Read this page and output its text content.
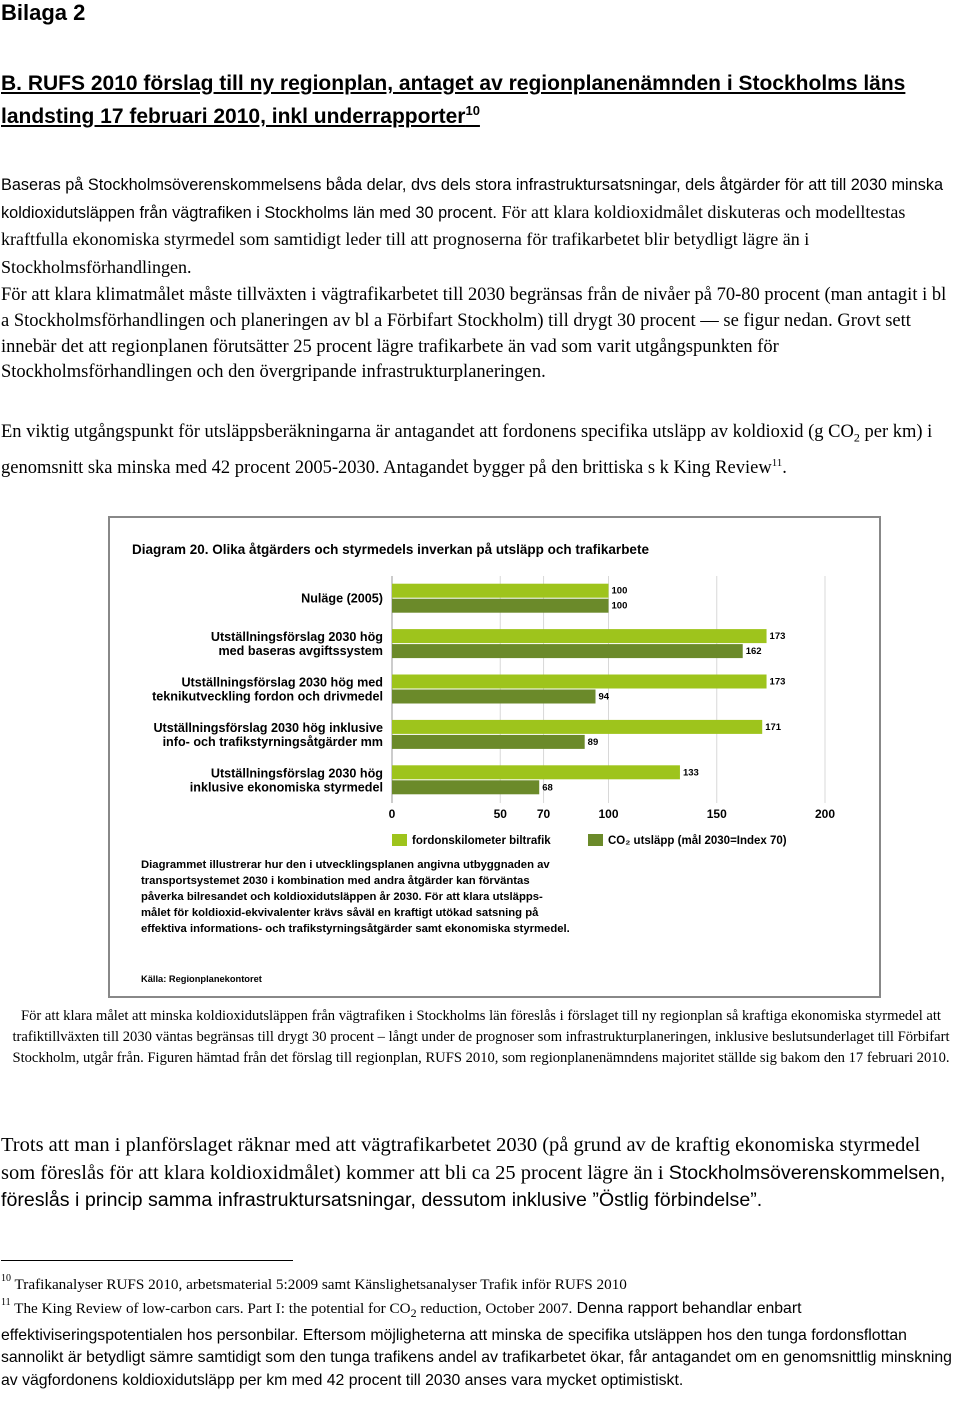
Bilaga 2
B. RUFS 2010 förslag till ny regionplan, antaget av regionplanenämnden i Stockholms läns landsting 17 februari 2010, inkl underrapporter$^{10}$
Baseras på Stockholmsöverenskommelsens båda delar, dvs dels stora infrastruktursatsningar, dels åtgärder för att till 2030 minska koldioxidutsläppen från vägtrafiken i Stockholms län med 30 procent. För att klara koldioxidmålet diskuteras och modelltestas kraftfulla ekonomiska styrmedel som samtidigt leder till att prognoserna för trafikarbetet blir betydligt lägre än i Stockholmsförhandlingen.
För att klara klimatmålet måste tillväxten i vägtrafikarbetet till 2030 begränsas från de nivåer på 70-80 procent (man antagit i bl a Stockholmsförhandlingen och planeringen av bl a Förbifart Stockholm) till drygt 30 procent — se figur nedan. Grovt sett innebär det att regionplanen förutsätter 25 procent lägre trafikarbete än vad som varit utgångspunkten för Stockholmsförhandlingen och den övergripande infrastrukturplaneringen.
En viktig utgångspunkt för utsläppsberäkningarna är antagandet att fordonens specifika utsläpp av koldioxid (g $CO_2$ per km) i genomsnitt ska minska med 42 procent 2005-2030. Antagandet bygger på den brittiska s k King Review$^{11}$.
Diagram 20. Olika åtgärders och styrmedels inverkan på utsläpp och trafikarbete
100
100
Nuläge (2005)
173
162
Utställningsförslag 2030 hög
med baseras avgiftssystem
173
94
Utställningsförslag 2030 hög med
teknikutveckling fordon och drivmedel
171
89
Utställningsförslag 2030 hög inklusive
info- och trafikstyrningsåtgärder mm
133
68
Utställningsförslag 2030 hög
inklusive ekonomiska styrmedel
0	50 70	100	150	200
fordonskilometer biltrafik	CO₂ utsläpp (mål 2030=Index 70)
Diagrammet illustrerar hur den i utvecklingsplanen angivna utbyggnaden av
transportsystemet 2030 i kombination med andra åtgärder kan förväntas
påverka bilresandet och koldioxidutsläppen år 2030. För att klara utsläpps-
målet för koldioxid-ekvivalenter krävs såväl en kraftigt utökad satsning på
effektiva informations- och trafikstyrningsåtgärder samt ekonomiska styrmedel.
Källa: Regionplanekontoret
För att klara målet att minska koldioxidutsläppen från vägtrafiken i Stockholms län föreslås i förslaget till ny regionplan så kraftiga ekonomiska styrmedel att trafiktillväxten till 2030 väntas begränsas till drygt 30 procent – långt under de prognoser som infrastrukturplaneringen, inklusive beslutsunderlaget till Förbifart Stockholm, utgår från. Figuren hämtad från det förslag till regionplan, RUFS 2010, som regionplanenämndens majoritet ställde sig bakom den 17 februari 2010.
Trots att man i planförslaget räknar med att vägtrafikarbetet 2030 (på grund av de kraftig ekonomiska styrmedel som föreslås för att klara koldioxidmålet) kommer att bli ca 25 procent lägre än i Stockholmsöverenskommelsen, föreslås i princip samma infrastruktursatsningar, dessutom inklusive ”Östlig förbindelse”.
$^{10}$ Trafikanalyser RUFS 2010, arbetsmaterial 5:2009 samt Känslighetsanalyser Trafik inför RUFS 2010
$^{11}$ The King Review of low-carbon cars. Part I: the potential for $CO_2$ reduction, October 2007. Denna rapport behandlar enbart effektiviseringspotentialen hos personbilar. Eftersom möjligheterna att minska de specifika utsläppen hos den tunga fordonsflottan sannolikt är betydligt sämre samtidigt som den tunga trafikens andel av trafikarbetet ökar, får antagandet om en genomsnittlig minskning av vägfordonens koldioxidutsläpp per km med 42 procent till 2030 anses vara mycket optimistiskt.
